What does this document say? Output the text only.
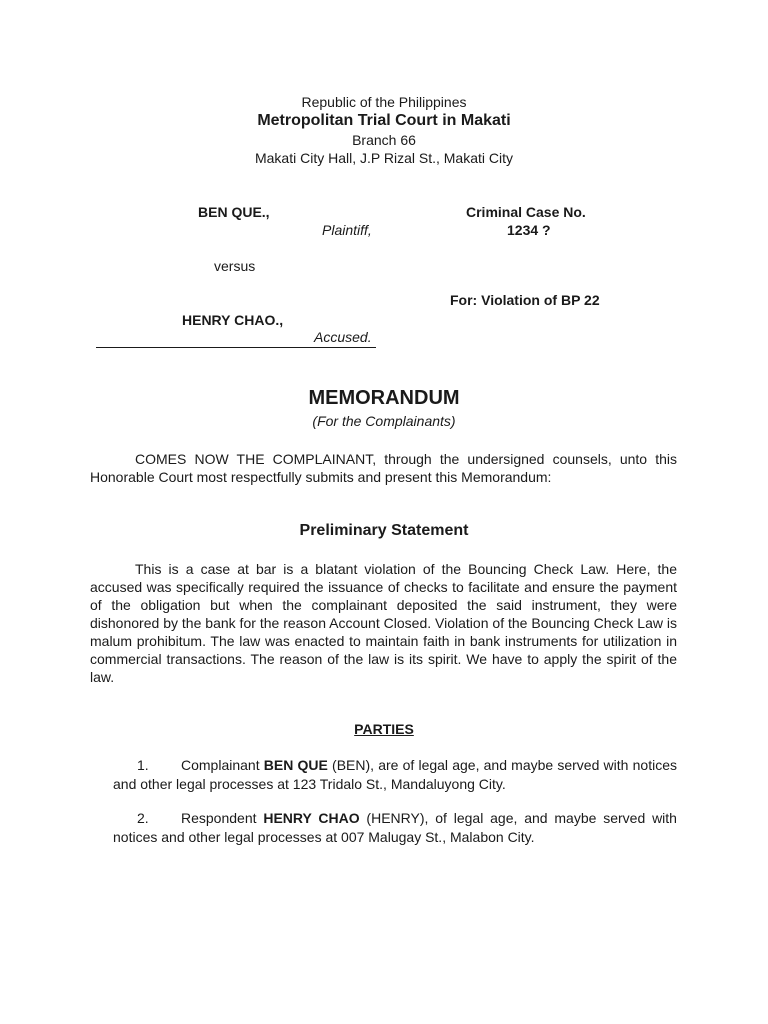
Republic of the Philippines
Metropolitan Trial Court in Makati
Branch 66
Makati City Hall, J.P Rizal St., Makati City
BEN QUE.,
Plaintiff,
Criminal Case No.
1234 ?
versus
For: Violation of BP 22
HENRY CHAO.,
Accused.
MEMORANDUM
(For the Complainants)
COMES NOW THE COMPLAINANT, through the undersigned counsels, unto this Honorable Court most respectfully submits and present this Memorandum:
Preliminary Statement
This is a case at bar is a blatant violation of the Bouncing Check Law. Here, the accused was specifically required the issuance of checks to facilitate and ensure the payment of the obligation but when the complainant deposited the said instrument, they were dishonored by the bank for the reason Account Closed. Violation of the Bouncing Check Law is malum prohibitum. The law was enacted to maintain faith in bank instruments for utilization in commercial transactions. The reason of the law is its spirit. We have to apply the spirit of the law.
PARTIES
1. Complainant BEN QUE (BEN), are of legal age, and maybe served with notices and other legal processes at 123 Tridalo St., Mandaluyong City.
2. Respondent HENRY CHAO (HENRY), of legal age, and maybe served with notices and other legal processes at 007 Malugay St., Malabon City.
